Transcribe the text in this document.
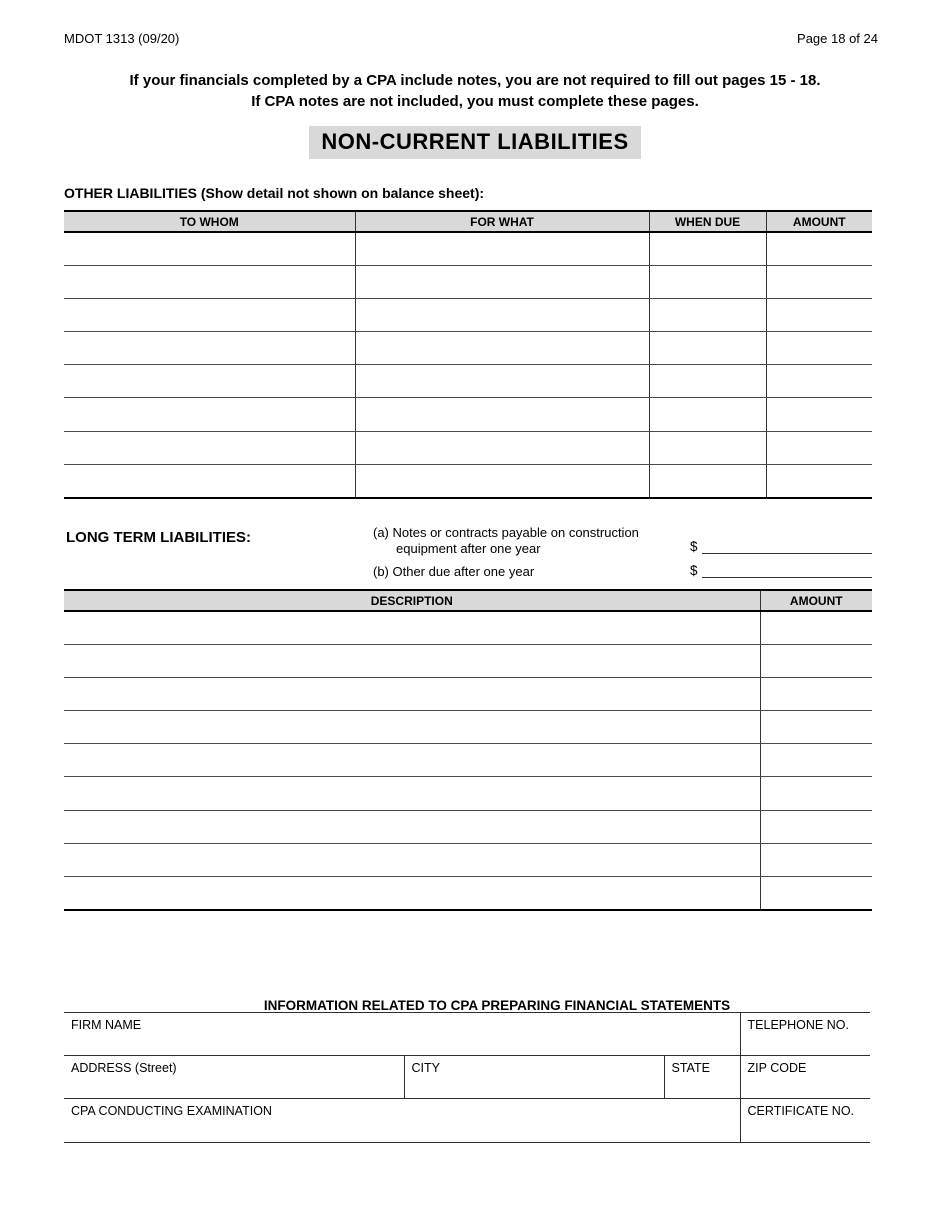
MDOT 1313 (09/20)	Page 18 of 24
If your financials completed by a CPA include notes, you are not required to fill out pages 15 - 18.
If CPA notes are not included, you must complete these pages.
NON-CURRENT LIABILITIES
OTHER LIABILITIES (Show detail not shown on balance sheet):
TO WHOM	FOR WHAT	WHEN DUE	AMOUNT

LONG TERM LIABILITIES:	(a) Notes or contracts payable on construction
equipment after one year	$
(b) Other due after one year	$
DESCRIPTION	AMOUNT

INFORMATION RELATED TO CPA PREPARING FINANCIAL STATEMENTS
FIRM NAME			TELEPHONE NO.
ADDRESS (Street)	CITY	STATE	ZIP CODE
CPA CONDUCTING EXAMINATION			CERTIFICATE NO.
